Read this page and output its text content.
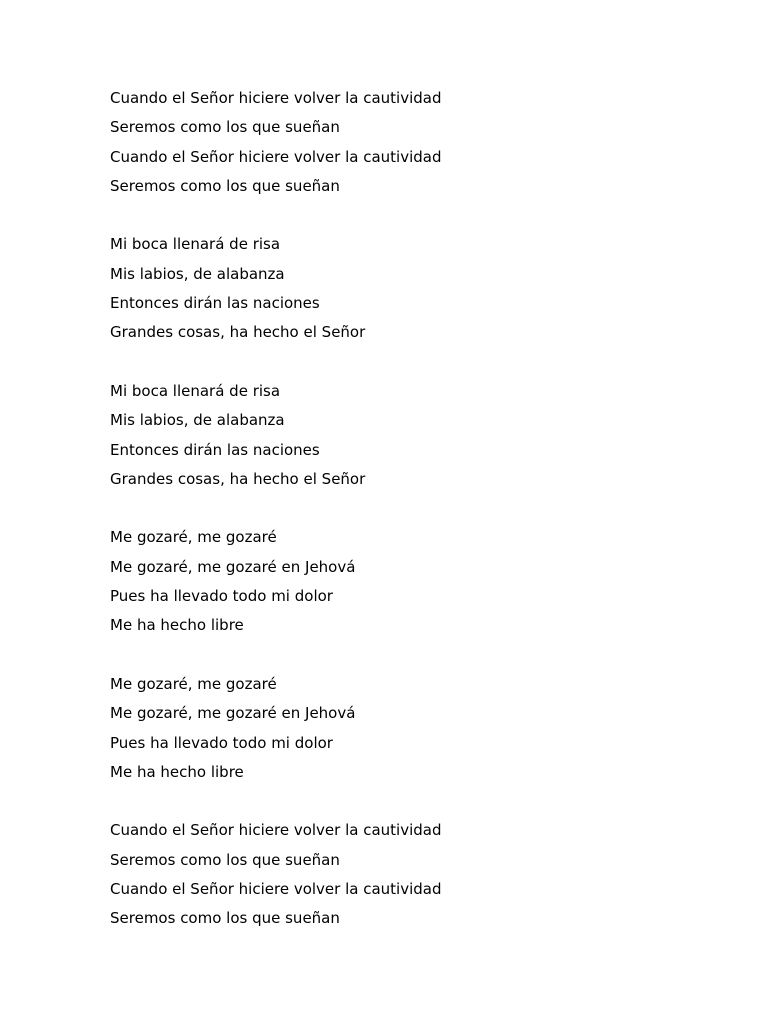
Cuando el Señor hiciere volver la cautividad
Seremos como los que sueñan
Cuando el Señor hiciere volver la cautividad
Seremos como los que sueñan
Mi boca llenará de risa
Mis labios, de alabanza
Entonces dirán las naciones
Grandes cosas, ha hecho el Señor
Mi boca llenará de risa
Mis labios, de alabanza
Entonces dirán las naciones
Grandes cosas, ha hecho el Señor
Me gozaré, me gozaré
Me gozaré, me gozaré en Jehová
Pues ha llevado todo mi dolor
Me ha hecho libre
Me gozaré, me gozaré
Me gozaré, me gozaré en Jehová
Pues ha llevado todo mi dolor
Me ha hecho libre
Cuando el Señor hiciere volver la cautividad
Seremos como los que sueñan
Cuando el Señor hiciere volver la cautividad
Seremos como los que sueñan
